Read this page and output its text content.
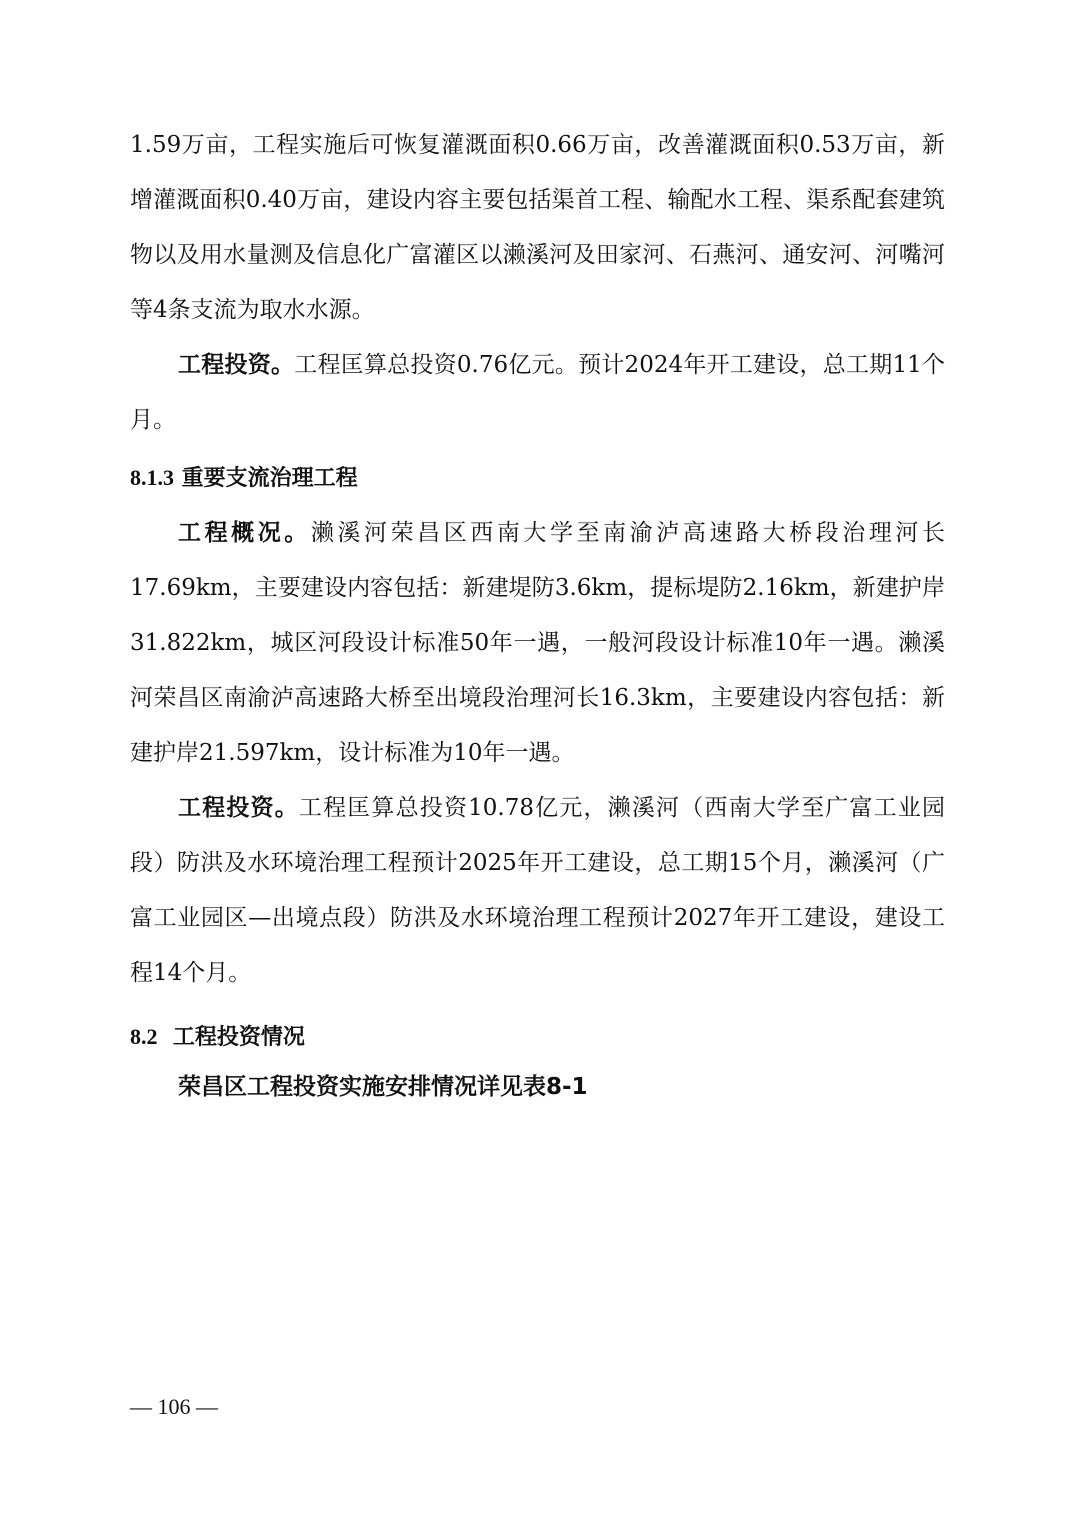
1.59万亩，工程实施后可恢复灌溉面积0.66万亩，改善灌溉面积0.53万亩，新增灌溉面积0.40万亩，建设内容主要包括渠首工程、输配水工程、渠系配套建筑物以及用水量测及信息化广富灌区以濑溪河及田家河、石燕河、通安河、河嘴河等4条支流为取水水源。

工程投资。工程匡算总投资0.76亿元。预计2024年开工建设，总工期11个月。

8.1.3 重要支流治理工程

工程概况。濑溪河荣昌区西南大学至南渝泸高速路大桥段治理河长17.69km，主要建设内容包括：新建堤防3.6km，提标堤防2.16km，新建护岸31.822km，城区河段设计标准50年一遇，一般河段设计标准10年一遇。濑溪河荣昌区南渝泸高速路大桥至出境段治理河长16.3km，主要建设内容包括：新建护岸21.597km，设计标准为10年一遇。

工程投资。工程匡算总投资10.78亿元，濑溪河（西南大学至广富工业园段）防洪及水环境治理工程预计2025年开工建设，总工期15个月，濑溪河（广富工业园区—出境点段）防洪及水环境治理工程预计2027年开工建设，建设工程14个月。

8.2 工程投资情况

荣昌区工程投资实施安排情况详见表8-1

— 106 —
